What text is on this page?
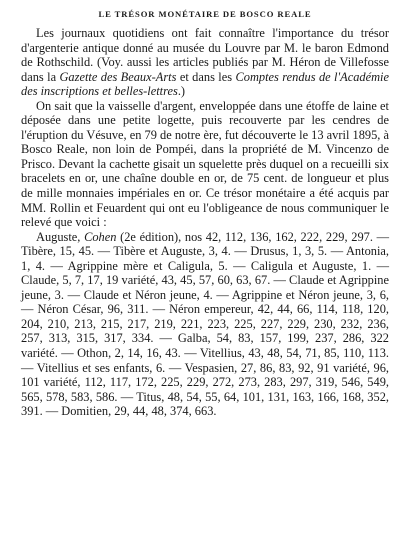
LE TRÉSOR MONÉTAIRE DE BOSCO REALE

Les journaux quotidiens ont fait connaître l'importance du trésor d'argenterie antique donné au musée du Louvre par M. le baron Edmond de Rothschild. (Voy. aussi les articles publiés par M. Héron de Villefosse dans la Gazette des Beaux-Arts et dans les Comptes rendus de l'Académie des inscriptions et belles-lettres.)

On sait que la vaisselle d'argent, enveloppée dans une étoffe de laine et déposée dans une petite logette, puis recouverte par les cendres de l'éruption du Vésuve, en 79 de notre ère, fut découverte le 13 avril 1895, à Bosco Reale, non loin de Pompéi, dans la propriété de M. Vincenzo de Prisco. Devant la cachette gisait un squelette près duquel on a recueilli six bracelets en or, une chaîne double en or, de 75 cent. de longueur et plus de mille monnaies impériales en or. Ce trésor monétaire a été acquis par MM. Rollin et Feuardent qui ont eu l'obligeance de nous communiquer le relevé que voici :

Auguste, Cohen (2e édition), nos 42, 112, 136, 162, 222, 229, 297. — Tibère, 15, 45. — Tibère et Auguste, 3, 4. — Drusus, 1, 3, 5. — Antonia, 1, 4. — Agrippine mère et Caligula, 5. — Caligula et Auguste, 1. —Claude, 5, 7, 17, 19 variété, 43, 45, 57, 60, 63, 67. — Claude et Agrippine jeune, 3. — Claude et Néron jeune, 4. — Agrippine et Néron jeune, 3, 6, — Néron César, 96, 311. — Néron empereur, 42, 44, 66, 114, 118, 120, 204, 210, 213, 215, 217, 219, 221, 223, 225, 227, 229, 230, 232, 236, 257, 313, 315, 317, 334. — Galba, 54, 83, 157, 199, 237, 286, 322 variété. — Othon, 2, 14, 16, 43. — Vitellius, 43, 48, 54, 71, 85, 110, 113. — Vitellius et ses enfants, 6. — Vespasien, 27, 86, 83, 92, 91 variété, 96, 101 variété, 112, 117, 172, 225, 229, 272, 273, 283, 297, 319, 546, 549, 565, 578, 583, 586. — Titus, 48, 54, 55, 64, 101, 131, 163, 166, 168, 352, 391. — Domitien, 29, 44, 48, 374, 663.
